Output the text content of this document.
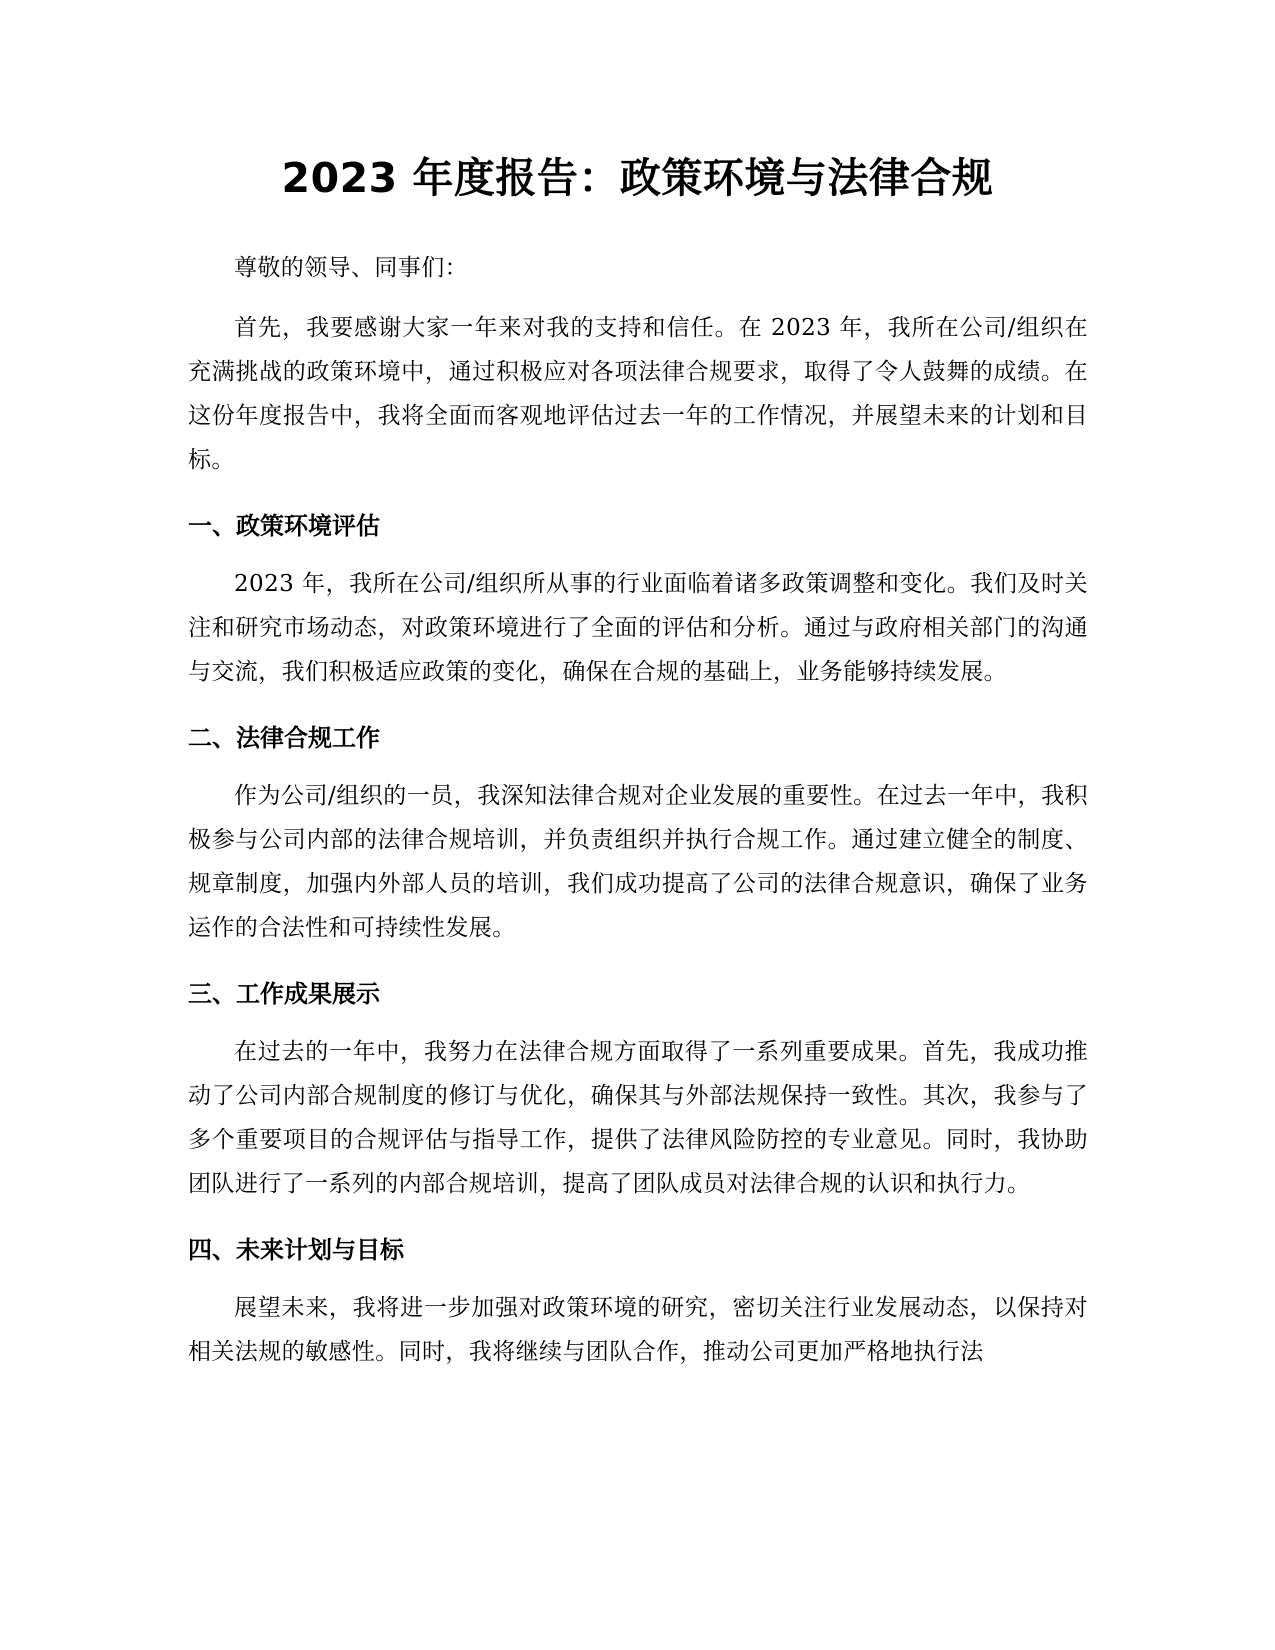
2023 年度报告：政策环境与法律合规

尊敬的领导、同事们：

首先，我要感谢大家一年来对我的支持和信任。在 2023 年，我所在公司/组织在充满挑战的政策环境中，通过积极应对各项法律合规要求，取得了令人鼓舞的成绩。在这份年度报告中，我将全面而客观地评估过去一年的工作情况，并展望未来的计划和目标。

一、政策环境评估

2023 年，我所在公司/组织所从事的行业面临着诸多政策调整和变化。我们及时关注和研究市场动态，对政策环境进行了全面的评估和分析。通过与政府相关部门的沟通与交流，我们积极适应政策的变化，确保在合规的基础上，业务能够持续发展。

二、法律合规工作

作为公司/组织的一员，我深知法律合规对企业发展的重要性。在过去一年中，我积极参与公司内部的法律合规培训，并负责组织并执行合规工作。通过建立健全的制度、规章制度，加强内外部人员的培训，我们成功提高了公司的法律合规意识，确保了业务运作的合法性和可持续性发展。

三、工作成果展示

在过去的一年中，我努力在法律合规方面取得了一系列重要成果。首先，我成功推动了公司内部合规制度的修订与优化，确保其与外部法规保持一致性。其次，我参与了多个重要项目的合规评估与指导工作，提供了法律风险防控的专业意见。同时，我协助团队进行了一系列的内部合规培训，提高了团队成员对法律合规的认识和执行力。

四、未来计划与目标

展望未来，我将进一步加强对政策环境的研究，密切关注行业发展动态，以保持对相关法规的敏感性。同时，我将继续与团队合作，推动公司更加严格地执行法
